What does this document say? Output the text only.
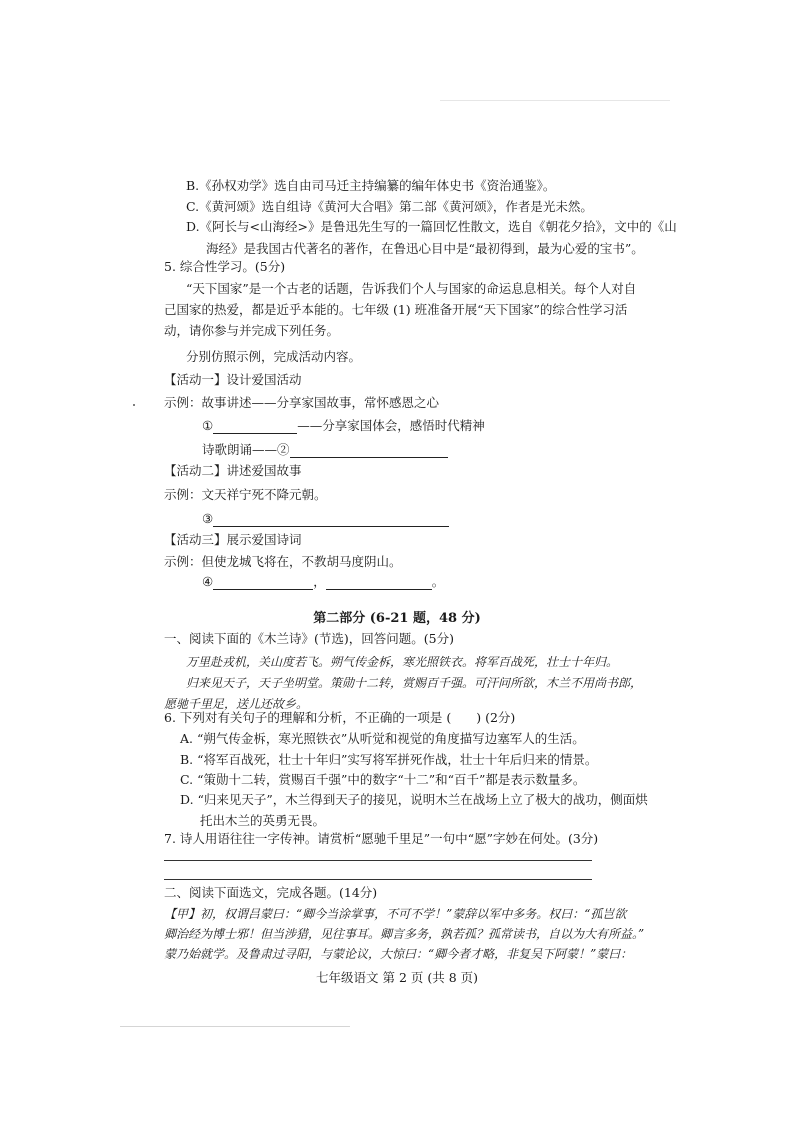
B.《孙权劝学》选自由司马迁主持编纂的编年体史书《资治通鉴》。
C.《黄河颂》选自组诗《黄河大合唱》第二部《黄河颂》，作者是光未然。
D.《阿长与<山海经>》是鲁迅先生写的一篇回忆性散文，选自《朝花夕拾》，文中的《山
海经》是我国古代著名的著作，在鲁迅心目中是“最初得到，最为心爱的宝书”。
5. 综合性学习。(5分)
“天下国家”是一个古老的话题，告诉我们个人与国家的命运息息相关。每个人对自
己国家的热爱，都是近乎本能的。七年级 (1) 班准备开展“天下国家”的综合性学习活
动，请你参与并完成下列任务。
分别仿照示例，完成活动内容。
【活动一】设计爱国活动
示例：故事讲述——分享家国故事，常怀感恩之心
①	——分享家国体会，感悟时代精神
诗歌朗诵——②
【活动二】讲述爱国故事
示例：文天祥宁死不降元朝。
③
【活动三】展示爱国诗词
示例：但使龙城飞将在，不教胡马度阴山。
④	，	。
第二部分 (6-21 题，48 分)
一、阅读下面的《木兰诗》(节选)，回答问题。(5分)
万里赴戎机，关山度若飞。朔气传金柝，寒光照铁衣。将军百战死，壮士十年归。
归来见天子，天子坐明堂。策勋十二转，赏赐百千强。可汗问所欲，木兰不用尚书郎，
愿驰千里足，送儿还故乡。
6. 下列对有关句子的理解和分析，不正确的一项是 (　　) (2分)
A. “朔气传金柝，寒光照铁衣”从听觉和视觉的角度描写边塞军人的生活。
B. “将军百战死，壮士十年归”实写将军拼死作战，壮士十年后归来的情景。
C. “策勋十二转，赏赐百千强”中的数字“十二”和“百千”都是表示数量多。
D. “归来见天子”，木兰得到天子的接见，说明木兰在战场上立了极大的战功，侧面烘
托出木兰的英勇无畏。
7. 诗人用语往往一字传神。请赏析“愿驰千里足”一句中“愿”字妙在何处。(3分)
二、阅读下面选文，完成各题。(14分)
【甲】初，权谓吕蒙曰：“卿今当涂掌事，不可不学！”蒙辞以军中多务。权曰：“孤岂欲
卿治经为博士邪！但当涉猎，见往事耳。卿言多务，孰若孤？孤常读书，自以为大有所益。”
蒙乃始就学。及鲁肃过寻阳，与蒙论议，大惊曰：“卿今者才略，非复吴下阿蒙！”蒙曰：
七年级语文 第 2 页 (共 8 页)
